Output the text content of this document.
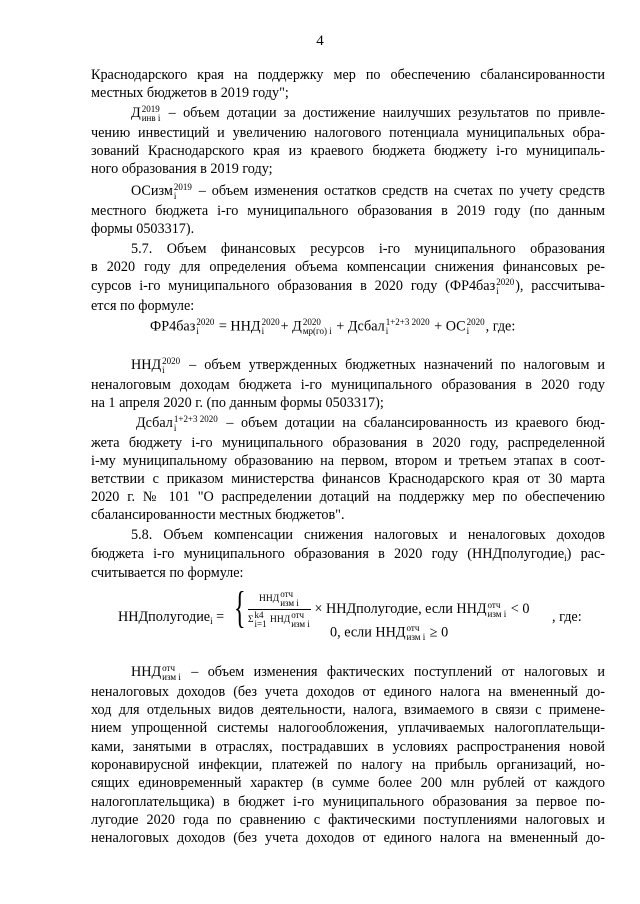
4
Краснодарского края на поддержку мер по обеспечению сбалансированности
местных бюджетов в 2019 году";
Д 2019
инв i – объем дотации за достижение наилучших результатов по привле-
чению инвестиций и увеличению налогового потенциала муниципальных обра-
зований Краснодарского края из краевого бюджета бюджету i-го муниципаль-
ного образования в 2019 году;
ОСизм 2019
i	– объем изменения остатков средств на счетах по учету средств
местного бюджета i-го муниципального образования в 2019 году (по данным
формы 0503317).
5.7. Объем финансовых ресурсов i-го муниципального образования
в 2020 году для определения объема компенсации снижения финансовых ре-
сурсов i-го муниципального образования в 2020 году (ФР4баз 2020
i	), рассчитыва-
ется по формуле:
ФР4баз 2020
i	= ННД 2020
i	+ Д 2020
мр(го) i + Дсбал 1+2+3 2020
i	+ ОС 2020
i	, где:
ННД 2020
i	– объем утвержденных бюджетных назначений по налоговым и
неналоговым доходам бюджета i-го муниципального образования в 2020 году
на 1 апреля 2020 г. (по данным формы 0503317);
Дсбал 1+2+3 2020
i	– объем дотации на сбалансированность из краевого бюд-
жета бюджету i-го муниципального образования в 2020 году, распределенной
i-му муниципальному образованию на первом, втором и третьем этапах в соот-
ветствии с приказом министерства финансов Краснодарского края от 30 марта
2020 г. № 101 "О распределении дотаций на поддержку мер по обеспечению
сбалансированности местных бюджетов".
5.8. Объем компенсации снижения налоговых и неналоговых доходов
бюджета i-го муниципального образования в 2020 году (ННДполугодие$_i$) рас-
считывается по формуле:
ННДполугодие$_i$ = { ННД
отч
изм i
Σ
k4
i=1 ННД
отч
изм i × ННДполугодие, если ННД отч
изм i < 0
, где:
0, если ННД отч
изм i ≥ 0
ННД отч
изм i – объем изменения фактических поступлений от налоговых и
неналоговых доходов (без учета доходов от единого налога на вмененный до-
ход для отдельных видов деятельности, налога, взимаемого в связи с примене-
нием упрощенной системы налогообложения, уплачиваемых налогоплательщи-
ками, занятыми в отраслях, пострадавших в условиях распространения новой
коронавирусной инфекции, платежей по налогу на прибыль организаций, но-
сящих единовременный характер (в сумме более 200 млн рублей от каждого
налогоплательщика) в бюджет i-го муниципального образования за первое по-
лугодие 2020 года по сравнению с фактическими поступлениями налоговых и
неналоговых доходов (без учета доходов от единого налога на вмененный до-
